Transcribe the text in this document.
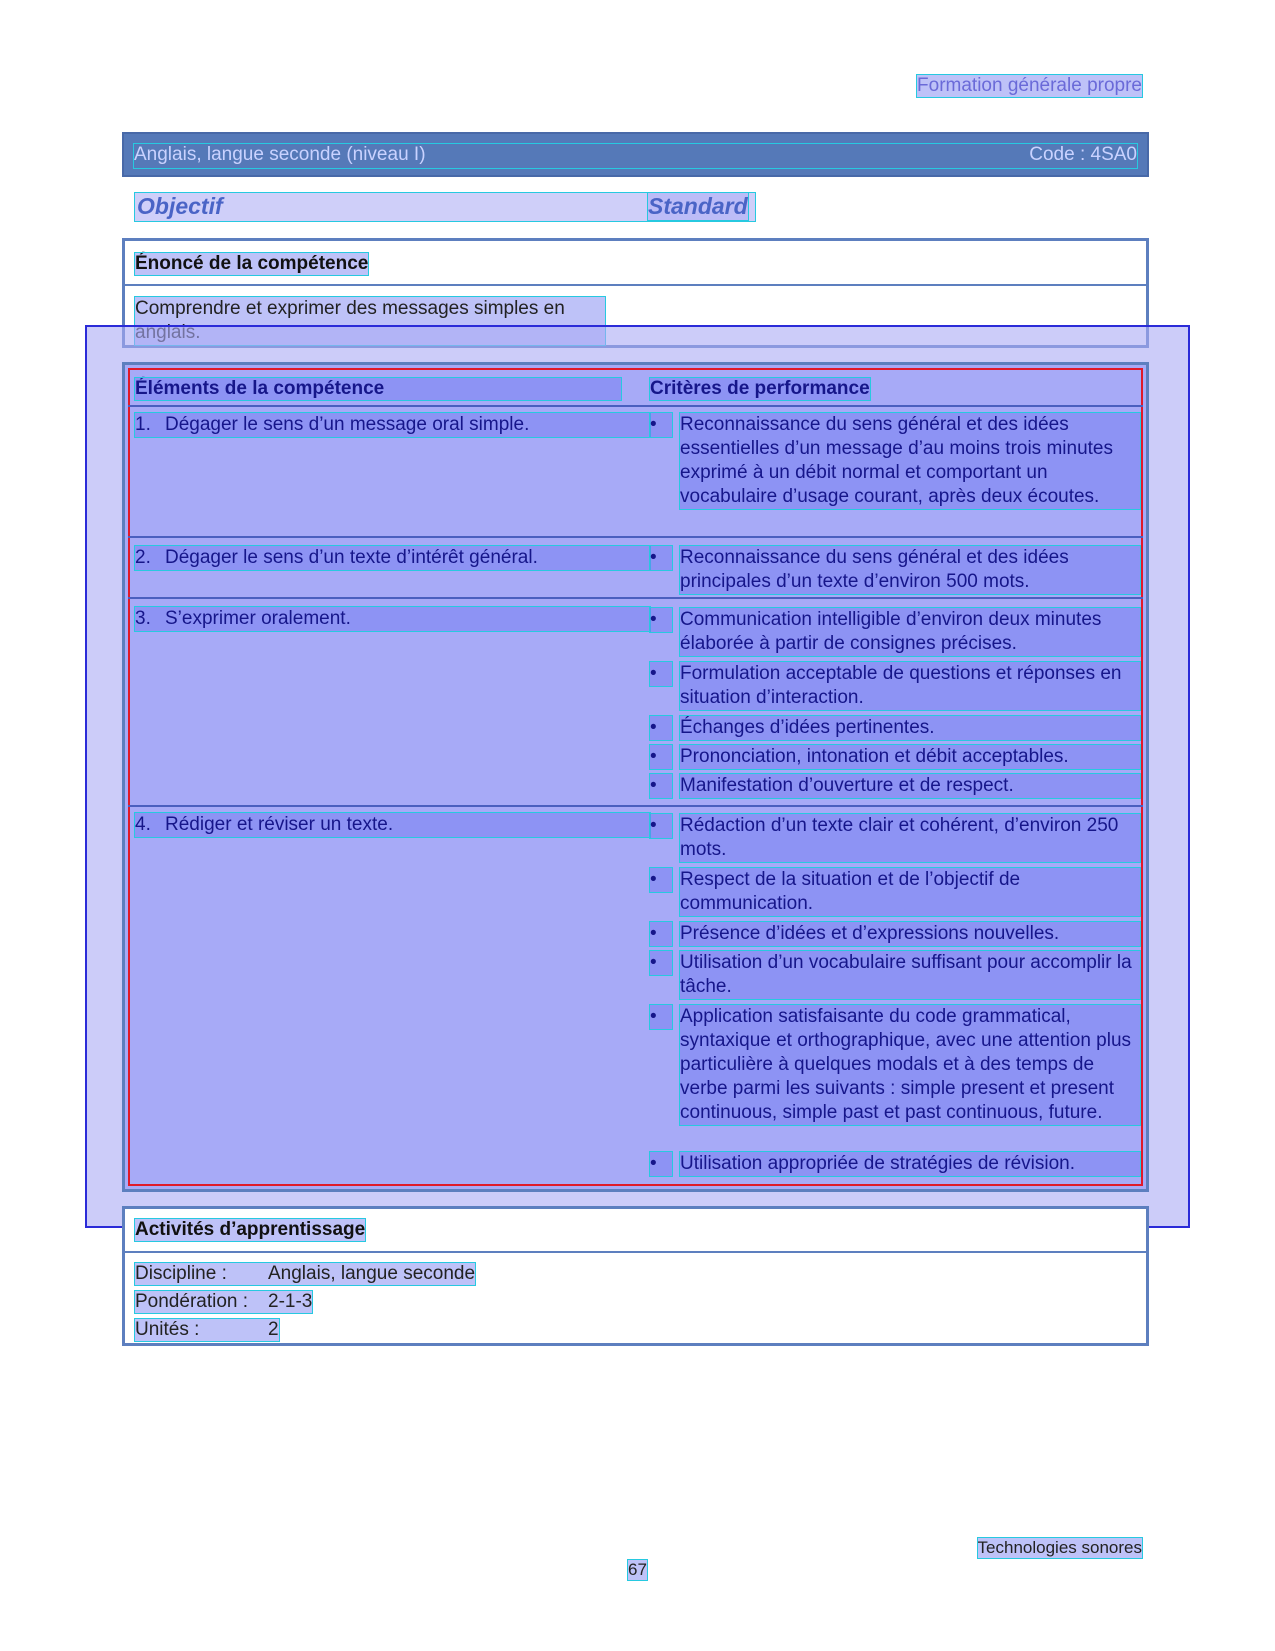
Formation générale propre
Anglais, langue seconde (niveau I)	Code : 4SA0
Objectif	Standard
Énoncé de la compétence
Comprendre et exprimer des messages simples en
Éléments de la compétence	Critères de performance
1. Dégager le sens d’un message oral simple.	•	Reconnaissance du sens général et des idées essentielles d’un message d’au moins trois minutes exprimé à un débit normal et comportant un vocabulaire d’usage courant, après deux écoutes.
2. Dégager le sens d’un texte d’intérêt général.	•	Reconnaissance du sens général et des idées principales d’un texte d’environ 500 mots.
3. S’exprimer oralement.	•	Communication intelligible d’environ deux minutes élaborée à partir de consignes précises.
•	Formulation acceptable de questions et réponses en situation d’interaction.
•	Échanges d’idées pertinentes.
•	Prononciation, intonation et débit acceptables.
•	Manifestation d’ouverture et de respect.
4. Rédiger et réviser un texte.	•	Rédaction d’un texte clair et cohérent, d’environ 250 mots.
•	Respect de la situation et de l’objectif de communication.
•	Présence d’idées et d’expressions nouvelles.
•	Utilisation d’un vocabulaire suffisant pour accomplir la tâche.
•	Application satisfaisante du code grammatical, syntaxique et orthographique, avec une attention plus particulière à quelques modals et à des temps de verbe parmi les suivants : simple present et present continuous, simple past et past continuous, future.
•	Utilisation appropriée de stratégies de révision.
Activités d’apprentissage
Discipline : Anglais, langue seconde
Pondération : 2-1-3
Unités :	2
Technologies sonores
67
